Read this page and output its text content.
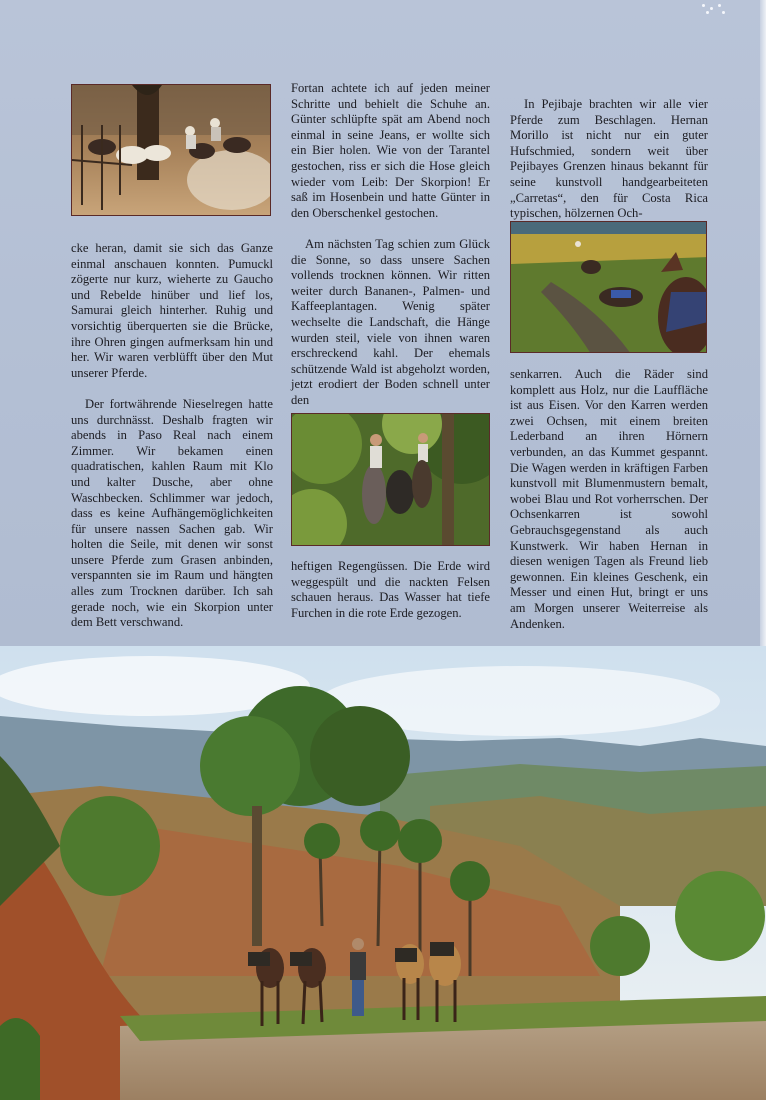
cke heran, damit sie sich das Ganze einmal anschauen konnten. Pumuckl zögerte nur kurz, wieherte zu Gaucho und Rebelde hinüber und lief los, Samurai gleich hinterher. Ruhig und vorsichtig überquerten sie die Brücke, ihre Ohren gingen aufmerksam hin und her. Wir waren verblüfft über den Mut unserer Pferde.

Der fortwährende Nieselregen hatte uns durchnässt. Deshalb fragten wir abends in Paso Real nach einem Zimmer. Wir bekamen einen quadratischen, kahlen Raum mit Klo und kalter Dusche, aber ohne Waschbecken. Schlimmer war jedoch, dass es keine Aufhängemöglichkeiten für unsere nassen Sachen gab. Wir holten die Seile, mit denen wir sonst unsere Pferde zum Grasen anbinden, verspannten sie im Raum und hängten alles zum Trocknen darüber. Ich sah gerade noch, wie ein Skorpion unter dem Bett verschwand.

Fortan achtete ich auf jeden meiner Schritte und behielt die Schuhe an. Günter schlüpfte spät am Abend noch einmal in seine Jeans, er wollte sich ein Bier holen. Wie von der Tarantel gestochen, riss er sich die Hose gleich wieder vom Leib: Der Skorpion! Er saß im Hosenbein und hatte Günter in den Oberschenkel gestochen.

Am nächsten Tag schien zum Glück die Sonne, so dass unsere Sachen vollends trocknen können. Wir ritten weiter durch Bananen-, Palmen- und Kaffeeplantagen. Wenig später wechselte die Landschaft, die Hänge wurden steil, viele von ihnen waren erschreckend kahl. Der ehemals schützende Wald ist abgeholzt worden, jetzt erodiert der Boden schnell unter den

heftigen Regengüssen. Die Erde wird weggespült und die nackten Felsen schauen heraus. Das Wasser hat tiefe Furchen in die rote Erde gezogen.

In Pejibaje brachten wir alle vier Pferde zum Beschlagen. Hernan Morillo ist nicht nur ein guter Hufschmied, sondern weit über Pejibayes Grenzen hinaus bekannt für seine kunstvoll handgearbeiteten „Carretas“, den für Costa Rica typischen, hölzernen Och-

senkarren. Auch die Räder sind komplett aus Holz, nur die Lauffläche ist aus Eisen. Vor den Karren werden zwei Ochsen, mit einem breiten Lederband an ihren Hörnern verbunden, an das Kummet gespannt. Die Wagen werden in kräftigen Farben kunstvoll mit Blumenmustern bemalt, wobei Blau und Rot vorherrschen. Der Ochsenkarren ist sowohl Gebrauchsgegenstand als auch Kunstwerk. Wir haben Hernan in diesen wenigen Tagen als Freund lieb gewonnen. Ein kleines Geschenk, ein Messer und einen Hut, bringt er uns am Morgen unserer Weiterreise als Andenken.
